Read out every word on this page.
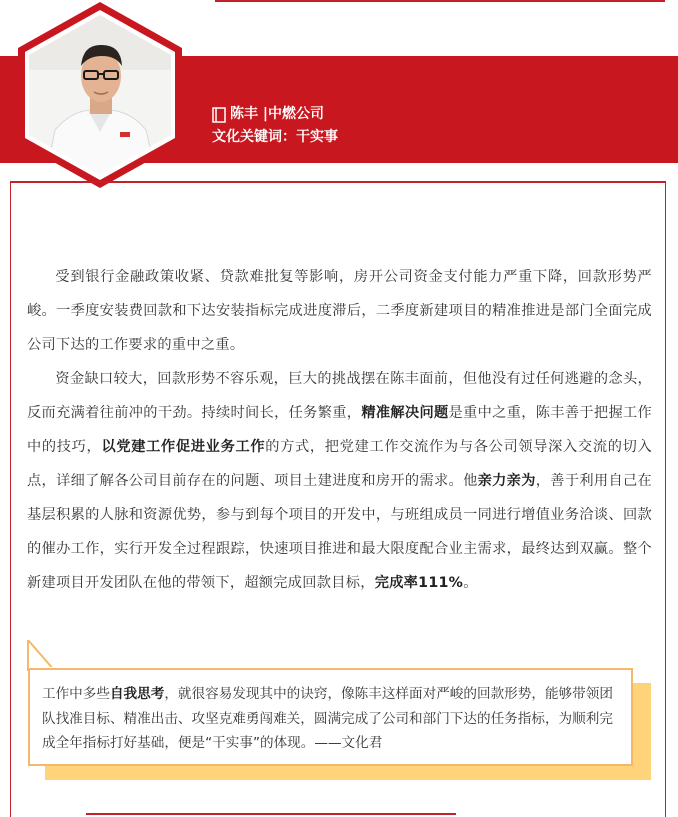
陈丰 |中燃公司
文化关键词：干实事

受到银行金融政策收紧、贷款难批复等影响，房开公司资金支付能力严重下降，回款形势严峻。一季度安装费回款和下达安装指标完成进度滞后，二季度新建项目的精准推进是部门全面完成公司下达的工作要求的重中之重。

资金缺口较大，回款形势不容乐观，巨大的挑战摆在陈丰面前，但他没有过任何逃避的念头，反而充满着往前冲的干劲。持续时间长，任务繁重，精准解决问题是重中之重，陈丰善于把握工作中的技巧，以党建工作促进业务工作的方式，把党建工作交流作为与各公司领导深入交流的切入点，详细了解各公司目前存在的问题、项目土建进度和房开的需求。他亲力亲为，善于利用自己在基层积累的人脉和资源优势，参与到每个项目的开发中，与班组成员一同进行增值业务洽谈、回款的催办工作，实行开发全过程跟踪，快速项目推进和最大限度配合业主需求，最终达到双赢。整个新建项目开发团队在他的带领下，超额完成回款目标，完成率111%。

工作中多些自我思考，就很容易发现其中的诀窍，像陈丰这样面对严峻的回款形势，能够带领团队找准目标、精准出击、攻坚克难勇闯难关，圆满完成了公司和部门下达的任务指标，为顺利完成全年指标打好基础，便是“干实事”的体现。——文化君
